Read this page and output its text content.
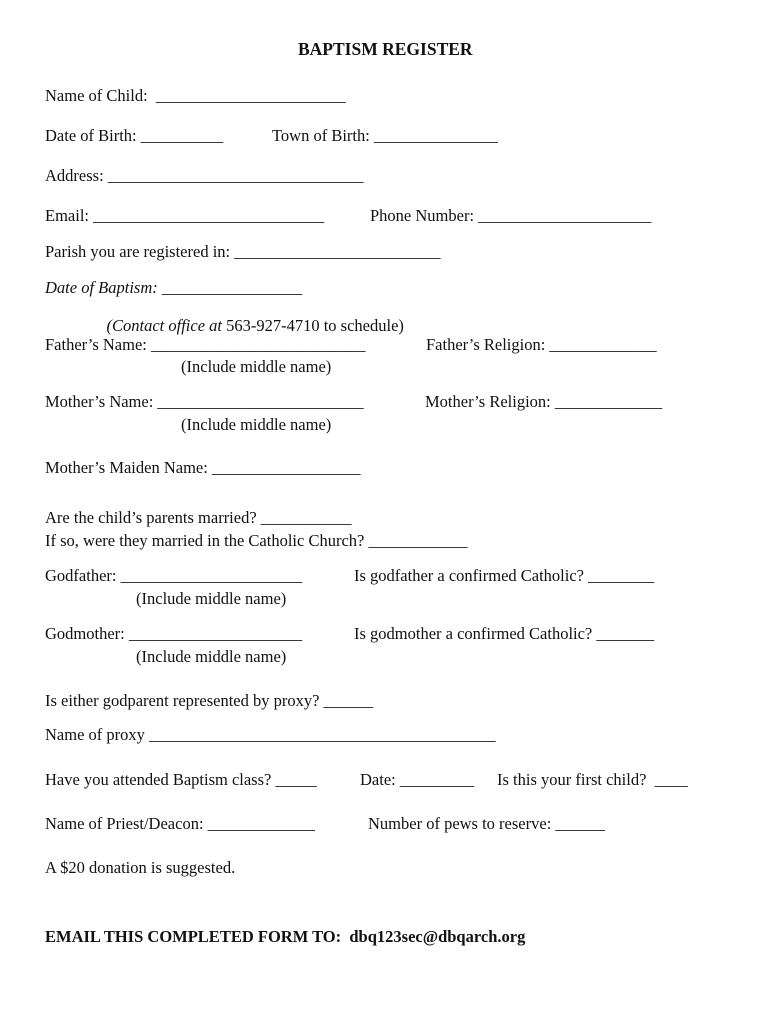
BAPTISM REGISTER
Name of Child:  _______________________
Date of Birth: __________	Town of Birth: _______________
Address: _______________________________
Email: ____________________________	Phone Number: _____________________
Parish you are registered in: _________________________
Date of Baptism: _________________

(Contact office at 563-927-4710 to schedule)

Father’s Name: __________________________	Father’s Religion: _____________
(Include middle name)
Mother’s Name: _________________________	Mother’s Religion: _____________
(Include middle name)
Mother’s Maiden Name: __________________
Are the child’s parents married? ___________
If so, were they married in the Catholic Church? ____________
Godfather: ______________________	Is godfather a confirmed Catholic? ________
(Include middle name)
Godmother: _____________________	Is godmother a confirmed Catholic? _______
(Include middle name)
Is either godparent represented by proxy? ______
Name of proxy __________________________________________
Have you attended Baptism class? _____	Date: _________ Is this your first child?  ____
Name of Priest/Deacon: _____________	Number of pews to reserve: ______
A $20 donation is suggested.
EMAIL THIS COMPLETED FORM TO:  dbq123sec@dbqarch.org
